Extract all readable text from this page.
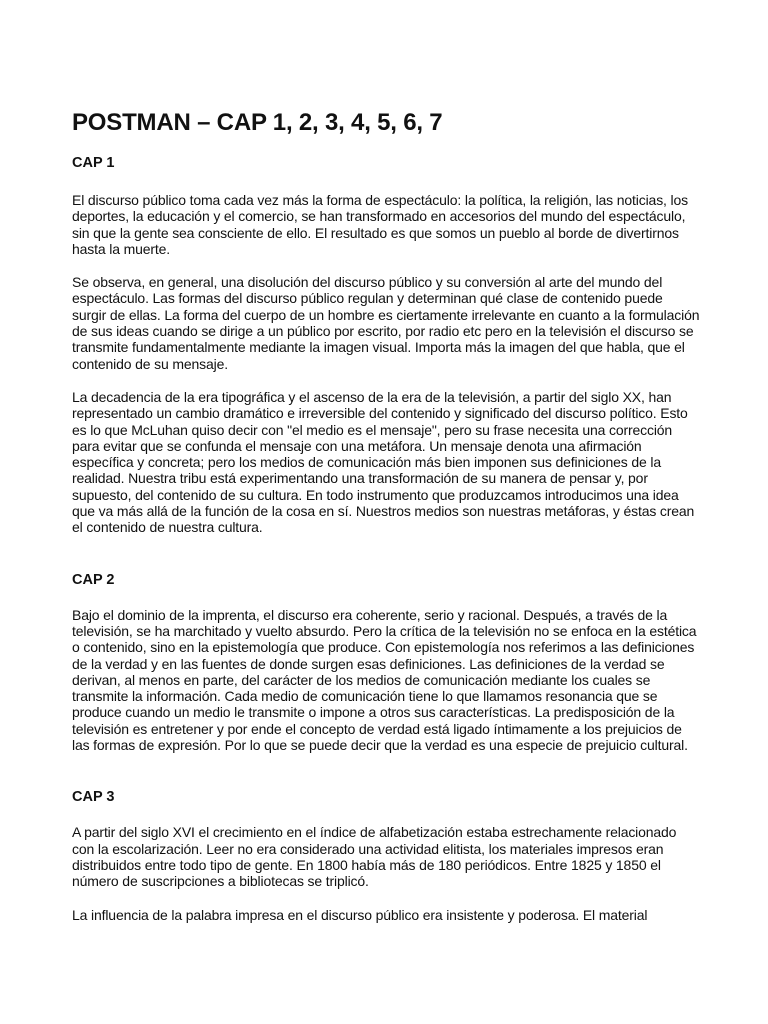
POSTMAN – CAP 1, 2, 3, 4, 5, 6, 7
CAP 1

El discurso público toma cada vez más la forma de espectáculo: la política, la religión, las noticias, los deportes, la educación y el comercio, se han transformado en accesorios del mundo del espectáculo, sin que la gente sea consciente de ello. El resultado es que somos un pueblo al borde de divertirnos hasta la muerte.

Se observa, en general, una disolución del discurso público y su conversión al arte del mundo del espectáculo. Las formas del discurso público regulan y determinan qué clase de contenido puede surgir de ellas. La forma del cuerpo de un hombre es ciertamente irrelevante en cuanto a la formulación de sus ideas cuando se dirige a un público por escrito, por radio etc pero en la televisión el discurso se transmite fundamentalmente mediante la imagen visual. Importa más la imagen del que habla, que el contenido de su mensaje.

La decadencia de la era tipográfica y el ascenso de la era de la televisión, a partir del siglo XX, han representado un cambio dramático e irreversible del contenido y significado del discurso político. Esto es lo que McLuhan quiso decir con "el medio es el mensaje", pero su frase necesita una corrección para evitar que se confunda el mensaje con una metáfora. Un mensaje denota una afirmación específica y concreta; pero los medios de comunicación más bien imponen sus definiciones de la realidad. Nuestra tribu está experimentando una transformación de su manera de pensar y, por supuesto, del contenido de su cultura. En todo instrumento que produzcamos introducimos una idea que va más allá de la función de la cosa en sí. Nuestros medios son nuestras metáforas, y éstas crean el contenido de nuestra cultura.

CAP 2

Bajo el dominio de la imprenta, el discurso era coherente, serio y racional. Después, a través de la televisión, se ha marchitado y vuelto absurdo. Pero la crítica de la televisión no se enfoca en la estética o contenido, sino en la epistemología que produce. Con epistemología nos referimos a las definiciones de la verdad y en las fuentes de donde surgen esas definiciones. Las definiciones de la verdad se derivan, al menos en parte, del carácter de los medios de comunicación mediante los cuales se transmite la información. Cada medio de comunicación tiene lo que llamamos resonancia que se produce cuando un medio le transmite o impone a otros sus características. La predisposición de la televisión es entretener y por ende el concepto de verdad está ligado íntimamente a los prejuicios de las formas de expresión. Por lo que se puede decir que la verdad es una especie de prejuicio cultural.

CAP 3

A partir del siglo XVI el crecimiento en el índice de alfabetización estaba estrechamente relacionado con la escolarización. Leer no era considerado una actividad elitista, los materiales impresos eran distribuidos entre todo tipo de gente. En 1800 había más de 180 periódicos. Entre 1825 y 1850 el número de suscripciones a bibliotecas se triplicó.

La influencia de la palabra impresa en el discurso público era insistente y poderosa. El material
